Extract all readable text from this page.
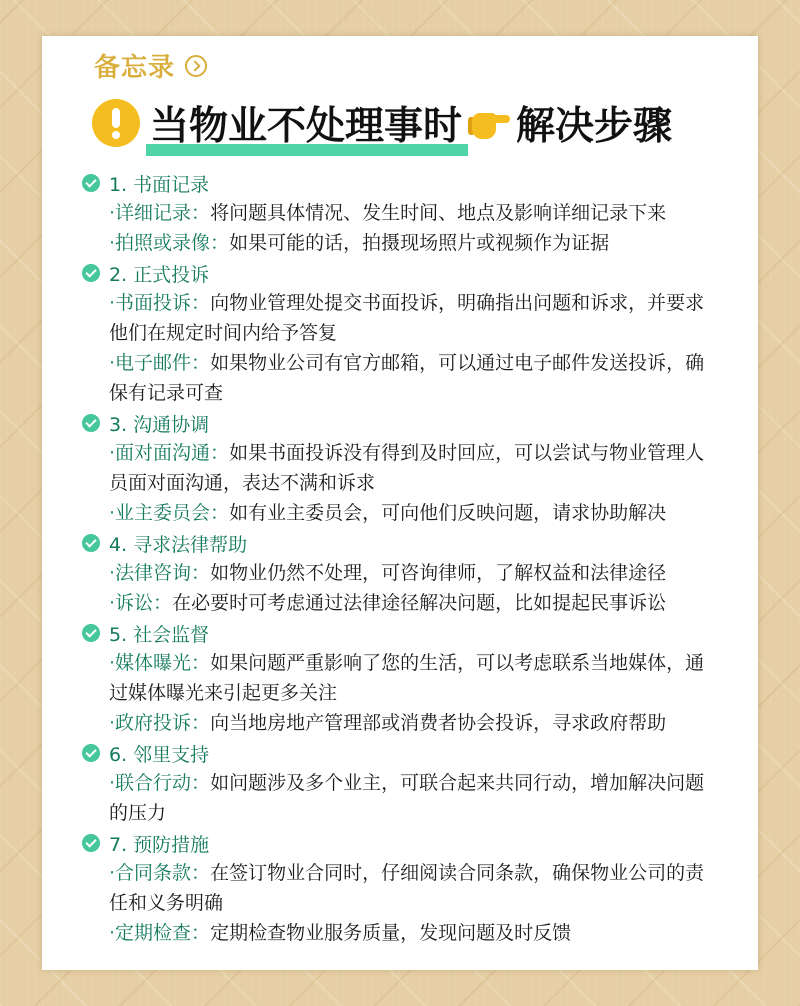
备忘录
当物业不处理事时 解决步骤
1. 书面记录
·详细记录：将问题具体情况、发生时间、地点及影响详细记录下来
·拍照或录像：如果可能的话，拍摄现场照片或视频作为证据
2. 正式投诉
·书面投诉：向物业管理处提交书面投诉，明确指出问题和诉求，并要求他们在规定时间内给予答复
·电子邮件：如果物业公司有官方邮箱，可以通过电子邮件发送投诉，确保有记录可查
3. 沟通协调
·面对面沟通：如果书面投诉没有得到及时回应，可以尝试与物业管理人员面对面沟通，表达不满和诉求
·业主委员会：如有业主委员会，可向他们反映问题，请求协助解决
4. 寻求法律帮助
·法律咨询：如物业仍然不处理，可咨询律师，了解权益和法律途径
·诉讼：在必要时可考虑通过法律途径解决问题，比如提起民事诉讼
5. 社会监督
·媒体曝光：如果问题严重影响了您的生活，可以考虑联系当地媒体，通过媒体曝光来引起更多关注
·政府投诉：向当地房地产管理部或消费者协会投诉，寻求政府帮助
6. 邻里支持
·联合行动：如问题涉及多个业主，可联合起来共同行动，增加解决问题的压力
7. 预防措施
·合同条款：在签订物业合同时，仔细阅读合同条款，确保物业公司的责任和义务明确
·定期检查：定期检查物业服务质量，发现问题及时反馈
